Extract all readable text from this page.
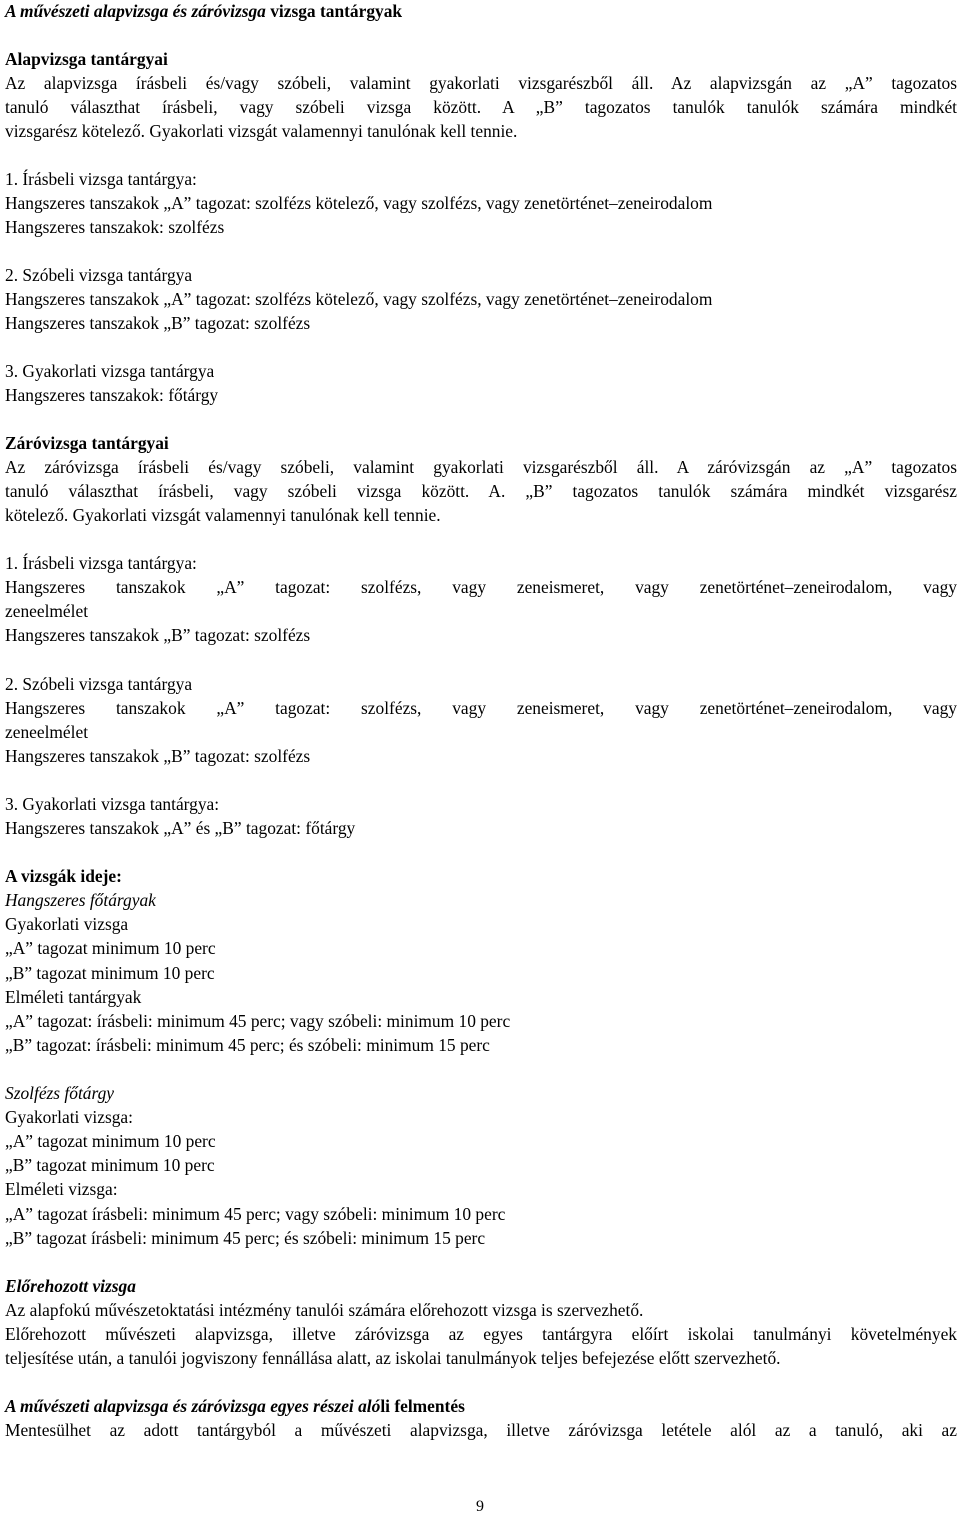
A művészeti alapvizsga és záróvizsga vizsga tantárgyak
Alapvizsga tantárgyai
Az alapvizsga írásbeli és/vagy szóbeli, valamint gyakorlati vizsgarészből áll. Az alapvizsgán az „A” tagozatos
tanuló választhat írásbeli, vagy szóbeli vizsga között. A „B” tagozatos tanulók tanulók számára mindkét
vizsgarész kötelező. Gyakorlati vizsgát valamennyi tanulónak kell tennie.
1. Írásbeli vizsga tantárgya:
Hangszeres tanszakok „A” tagozat: szolfézs kötelező, vagy szolfézs, vagy zenetörténet–zeneirodalom
Hangszeres tanszakok: szolfézs
2. Szóbeli vizsga tantárgya
Hangszeres tanszakok „A” tagozat: szolfézs kötelező, vagy szolfézs, vagy zenetörténet–zeneirodalom
Hangszeres tanszakok „B” tagozat: szolfézs
3. Gyakorlati vizsga tantárgya
Hangszeres tanszakok: főtárgy
Záróvizsga tantárgyai
Az záróvizsga írásbeli és/vagy szóbeli, valamint gyakorlati vizsgarészből áll. A záróvizsgán az „A” tagozatos
tanuló választhat írásbeli, vagy szóbeli vizsga között. A. „B” tagozatos tanulók számára mindkét vizsgarész
kötelező. Gyakorlati vizsgát valamennyi tanulónak kell tennie.
1. Írásbeli vizsga tantárgya:
Hangszeres tanszakok „A” tagozat: szolfézs, vagy zeneismeret, vagy zenetörténet–zeneirodalom, vagy
zeneelmélet
Hangszeres tanszakok „B” tagozat: szolfézs
2. Szóbeli vizsga tantárgya
Hangszeres tanszakok „A” tagozat: szolfézs, vagy zeneismeret, vagy zenetörténet–zeneirodalom, vagy
zeneelmélet
Hangszeres tanszakok „B” tagozat: szolfézs
3. Gyakorlati vizsga tantárgya:
Hangszeres tanszakok „A” és „B” tagozat: főtárgy
A vizsgák ideje:
Hangszeres főtárgyak
Gyakorlati vizsga
„A” tagozat minimum 10 perc
„B” tagozat minimum 10 perc
Elméleti tantárgyak
„A” tagozat: írásbeli: minimum 45 perc; vagy szóbeli: minimum 10 perc
„B” tagozat: írásbeli: minimum 45 perc; és szóbeli: minimum 15 perc
Szolfézs főtárgy
Gyakorlati vizsga:
„A” tagozat minimum 10 perc
„B” tagozat minimum 10 perc
Elméleti vizsga:
„A” tagozat írásbeli: minimum 45 perc; vagy szóbeli: minimum 10 perc
„B” tagozat írásbeli: minimum 45 perc; és szóbeli: minimum 15 perc
Előrehozott vizsga
Az alapfokú művészetoktatási intézmény tanulói számára előrehozott vizsga is szervezhető.
Előrehozott művészeti alapvizsga, illetve záróvizsga az egyes tantárgyra előírt iskolai tanulmányi követelmények
teljesítése után, a tanulói jogviszony fennállása alatt, az iskolai tanulmányok teljes befejezése előtt szervezhető.
A művészeti alapvizsga és záróvizsga egyes részei alóli felmentés
Mentesülhet az adott tantárgyból a művészeti alapvizsga, illetve záróvizsga letétele alól az a tanuló, aki az
9
